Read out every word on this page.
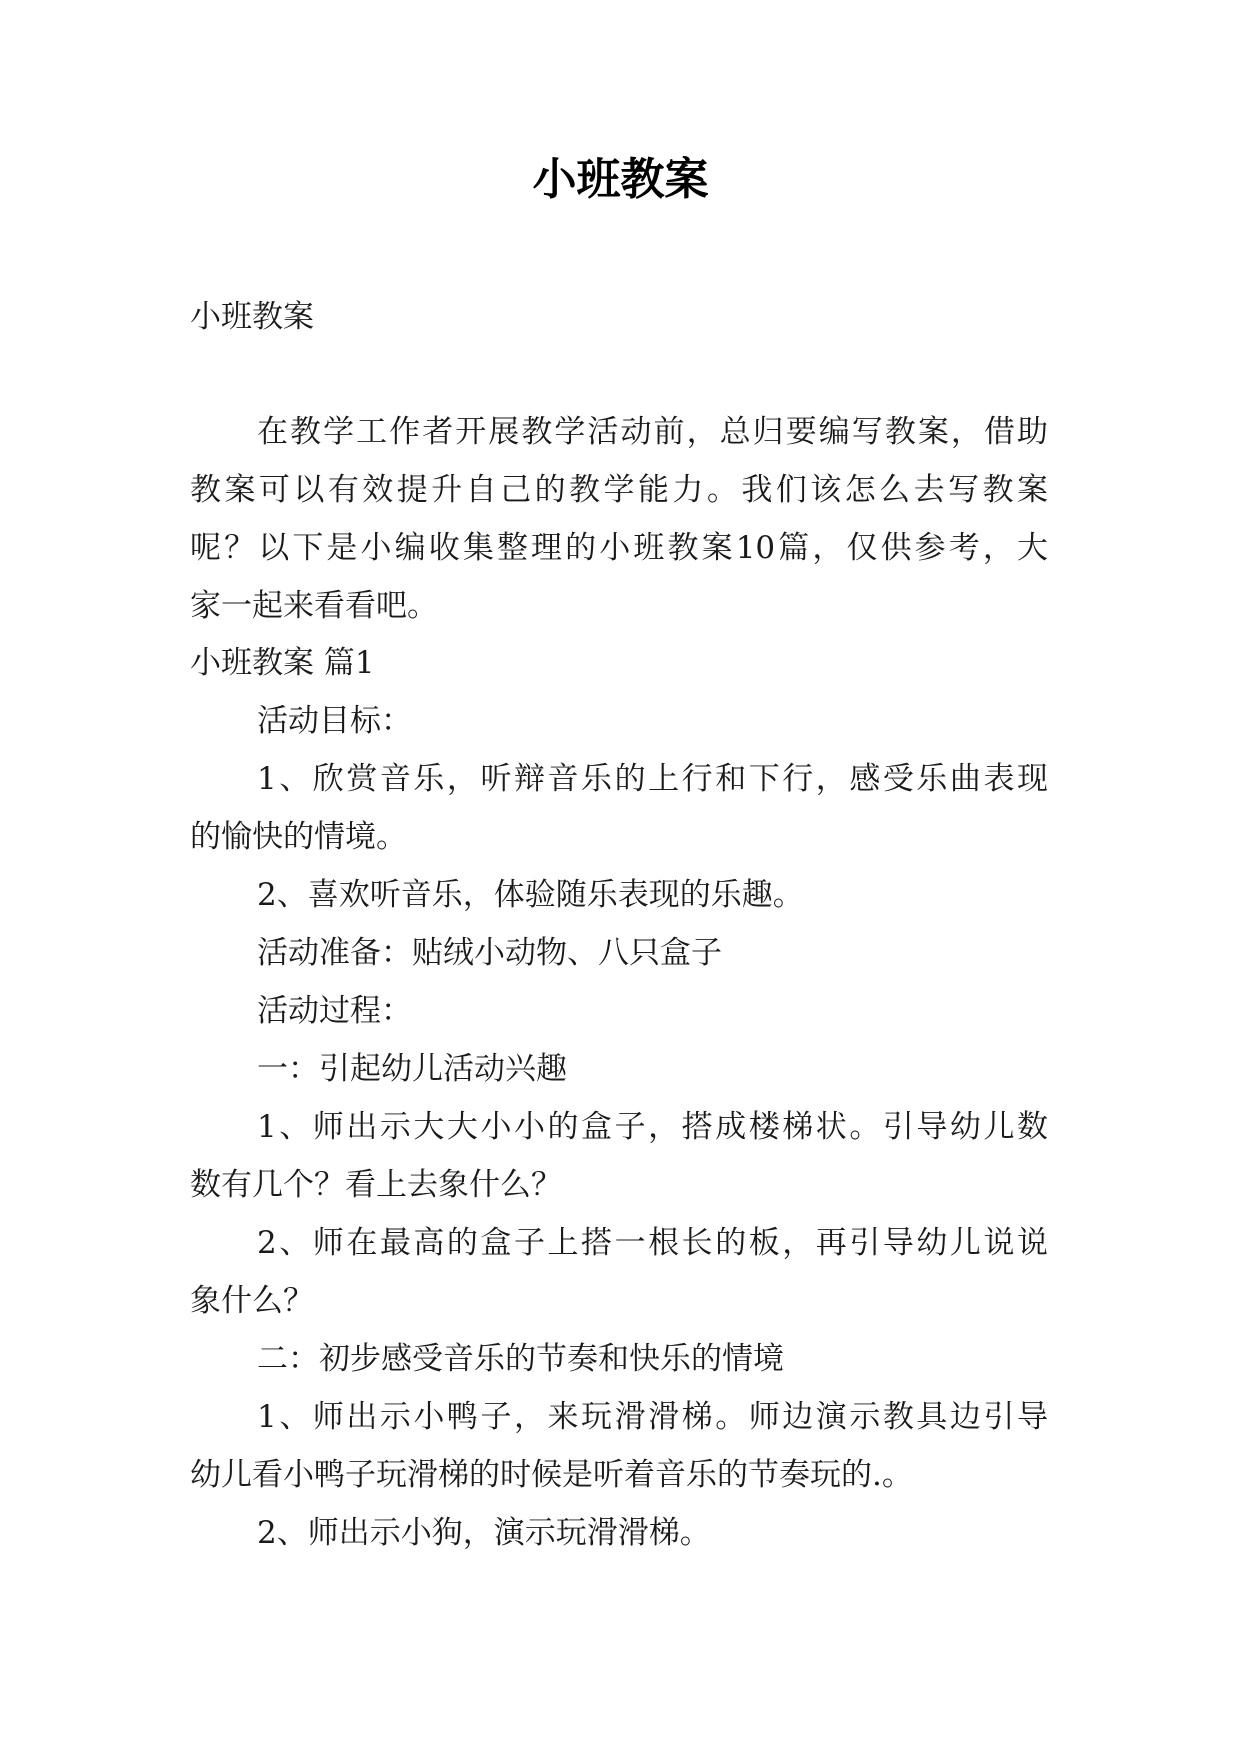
小班教案

小班教案

在教学工作者开展教学活动前，总归要编写教案，借助

教案可以有效提升自己的教学能力。我们该怎么去写教案

呢？以下是小编收集整理的小班教案10篇，仅供参考，大

家一起来看看吧。

小班教案 篇1

活动目标：

1、欣赏音乐，听辩音乐的上行和下行，感受乐曲表现

的愉快的情境。

2、喜欢听音乐，体验随乐表现的乐趣。

活动准备：贴绒小动物、八只盒子

活动过程：

一：引起幼儿活动兴趣

1、师出示大大小小的盒子，搭成楼梯状。引导幼儿数

数有几个？看上去象什么？

2、师在最高的盒子上搭一根长的板，再引导幼儿说说

象什么？

二：初步感受音乐的节奏和快乐的情境

1、师出示小鸭子，来玩滑滑梯。师边演示教具边引导

幼儿看小鸭子玩滑梯的时候是听着音乐的节奏玩的.。

2、师出示小狗，演示玩滑滑梯。
